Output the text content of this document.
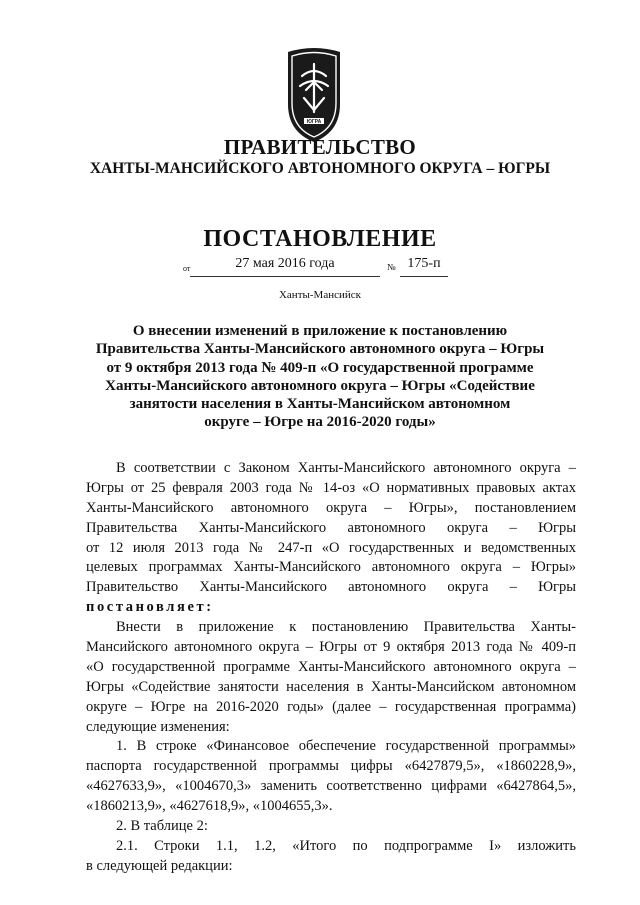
ЮГРА
ПРАВИТЕЛЬСТВО
ХАНТЫ-МАНСИЙСКОГО АВТОНОМНОГО ОКРУГА – ЮГРЫ
ПОСТАНОВЛЕНИЕ
от	27 мая 2016 года	№ 175-п
Ханты-Мансийск
О внесении изменений в приложение к постановлению
Правительства Ханты-Мансийского автономного округа – Югры
от 9 октября 2013 года № 409-п «О государственной программе
Ханты-Мансийского автономного округа – Югры «Содействие
занятости населения в Ханты-Мансийском автономном
округе – Югре на 2016-2020 годы»
В соответствии с Законом Ханты-Мансийского автономного округа –
Югры от 25 февраля 2003 года № 14-оз «О нормативных правовых актах
Ханты-Мансийского автономного округа – Югры», постановлением
Правительства Ханты-Мансийского автономного округа – Югры
от 12 июля 2013 года № 247-п «О государственных и ведомственных
целевых программах Ханты-Мансийского автономного округа – Югры»
Правительство Ханты-Мансийского автономного округа – Югры
постановляет:
Внести в приложение к постановлению Правительства Ханты-
Мансийского автономного округа – Югры от 9 октября 2013 года № 409-п
«О государственной программе Ханты-Мансийского автономного округа –
Югры «Содействие занятости населения в Ханты-Мансийском автономном
округе – Югре на 2016-2020 годы» (далее – государственная программа)
следующие изменения:
1. В строке «Финансовое обеспечение государственной программы»
паспорта государственной программы цифры «6427879,5», «1860228,9»,
«4627633,9», «1004670,3» заменить соответственно цифрами «6427864,5»,
«1860213,9», «4627618,9», «1004655,3».
2. В таблице 2:
2.1. Строки 1.1, 1.2, «Итого по подпрограмме I» изложить
в следующей редакции:
